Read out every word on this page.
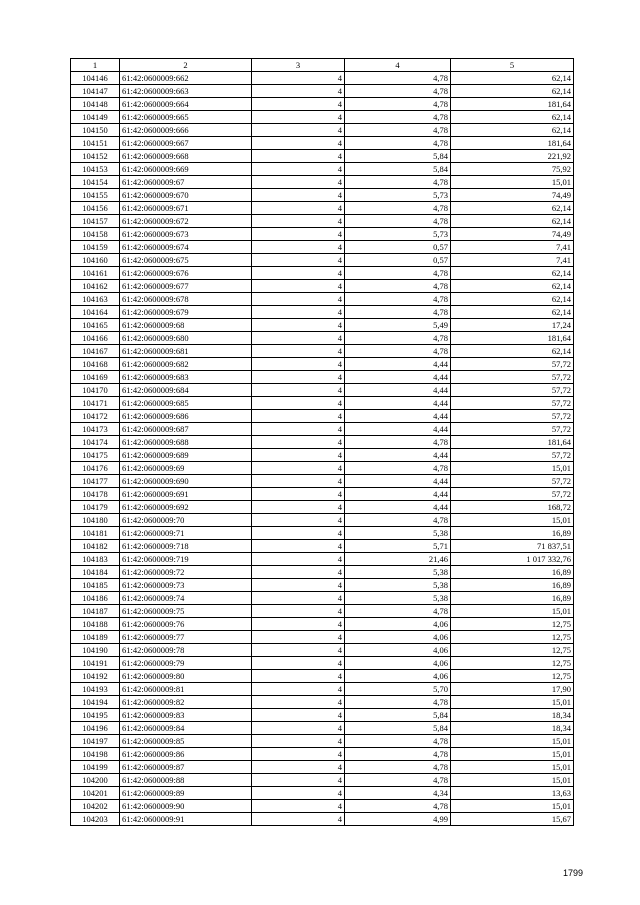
1	2	3	4	5
104146	61:42:0600009:662	4	4,78	62,14
104147	61:42:0600009:663	4	4,78	62,14
104148	61:42:0600009:664	4	4,78	181,64
104149	61:42:0600009:665	4	4,78	62,14
104150	61:42:0600009:666	4	4,78	62,14
104151	61:42:0600009:667	4	4,78	181,64
104152	61:42:0600009:668	4	5,84	221,92
104153	61:42:0600009:669	4	5,84	75,92
104154	61:42:0600009:67	4	4,78	15,01
104155	61:42:0600009:670	4	5,73	74,49
104156	61:42:0600009:671	4	4,78	62,14
104157	61:42:0600009:672	4	4,78	62,14
104158	61:42:0600009:673	4	5,73	74,49
104159	61:42:0600009:674	4	0,57	7,41
104160	61:42:0600009:675	4	0,57	7,41
104161	61:42:0600009:676	4	4,78	62,14
104162	61:42:0600009:677	4	4,78	62,14
104163	61:42:0600009:678	4	4,78	62,14
104164	61:42:0600009:679	4	4,78	62,14
104165	61:42:0600009:68	4	5,49	17,24
104166	61:42:0600009:680	4	4,78	181,64
104167	61:42:0600009:681	4	4,78	62,14
104168	61:42:0600009:682	4	4,44	57,72
104169	61:42:0600009:683	4	4,44	57,72
104170	61:42:0600009:684	4	4,44	57,72
104171	61:42:0600009:685	4	4,44	57,72
104172	61:42:0600009:686	4	4,44	57,72
104173	61:42:0600009:687	4	4,44	57,72
104174	61:42:0600009:688	4	4,78	181,64
104175	61:42:0600009:689	4	4,44	57,72
104176	61:42:0600009:69	4	4,78	15,01
104177	61:42:0600009:690	4	4,44	57,72
104178	61:42:0600009:691	4	4,44	57,72
104179	61:42:0600009:692	4	4,44	168,72
104180	61:42:0600009:70	4	4,78	15,01
104181	61:42:0600009:71	4	5,38	16,89
104182	61:42:0600009:718	4	5,71	71 837,51
104183	61:42:0600009:719	4	21,46	1 017 332,76
104184	61:42:0600009:72	4	5,38	16,89
104185	61:42:0600009:73	4	5,38	16,89
104186	61:42:0600009:74	4	5,38	16,89
104187	61:42:0600009:75	4	4,78	15,01
104188	61:42:0600009:76	4	4,06	12,75
104189	61:42:0600009:77	4	4,06	12,75
104190	61:42:0600009:78	4	4,06	12,75
104191	61:42:0600009:79	4	4,06	12,75
104192	61:42:0600009:80	4	4,06	12,75
104193	61:42:0600009:81	4	5,70	17,90
104194	61:42:0600009:82	4	4,78	15,01
104195	61:42:0600009:83	4	5,84	18,34
104196	61:42:0600009:84	4	5,84	18,34
104197	61:42:0600009:85	4	4,78	15,01
104198	61:42:0600009:86	4	4,78	15,01
104199	61:42:0600009:87	4	4,78	15,01
104200	61:42:0600009:88	4	4,78	15,01
104201	61:42:0600009:89	4	4,34	13,63
104202	61:42:0600009:90	4	4,78	15,01
104203	61:42:0600009:91	4	4,99	15,67
1799
